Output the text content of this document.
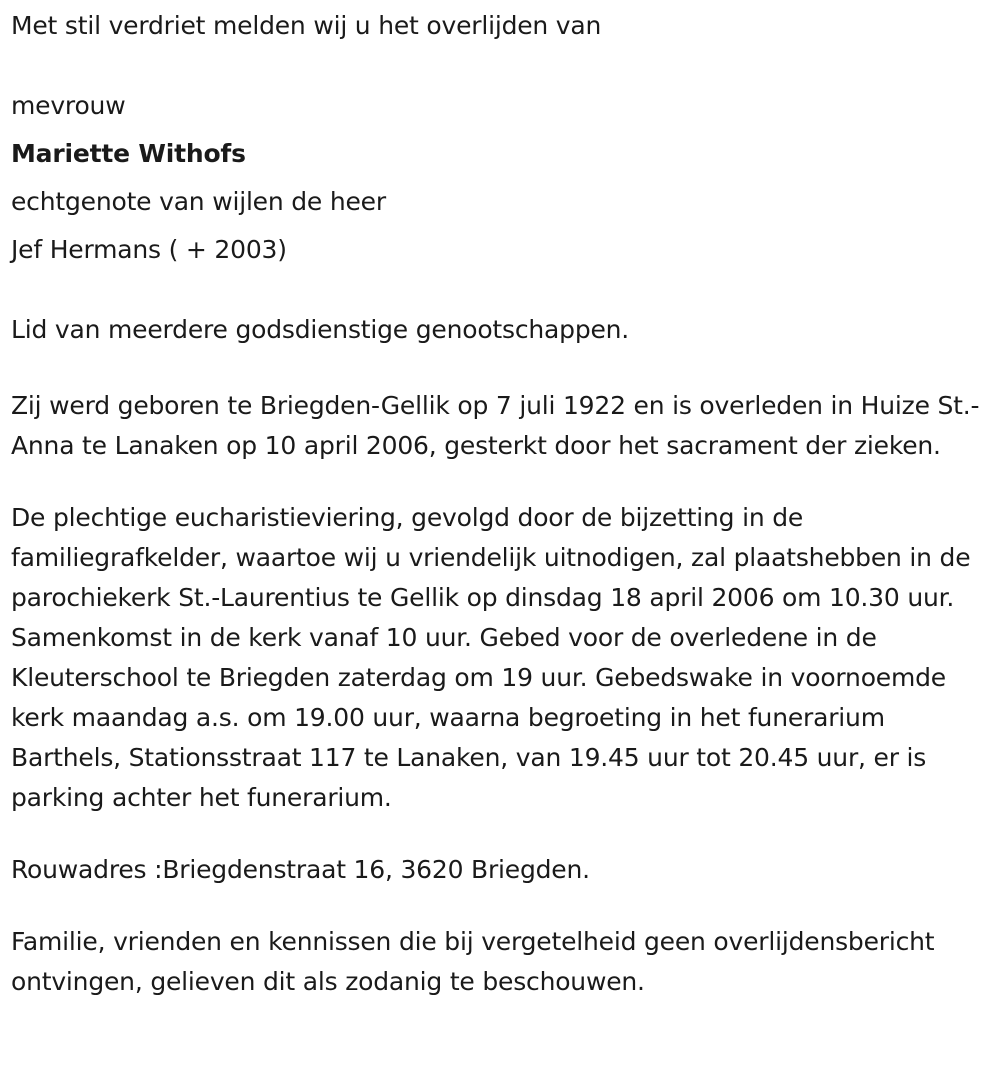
Met stil verdriet melden wij u het overlijden van

mevrouw

Mariette Withofs

echtgenote van wijlen de heer

Jef Hermans ( + 2003)

Lid van meerdere godsdienstige genootschappen.

Zij werd geboren te Briegden-Gellik op 7 juli 1922 en is overleden in Huize St.-Anna te Lanaken op 10 april 2006, gesterkt door het sacrament der zieken.

De plechtige eucharistieviering, gevolgd door de bijzetting in de familiegrafkelder, waartoe wij u vriendelijk uitnodigen, zal plaatshebben in de parochiekerk St.-Laurentius te Gellik op dinsdag 18 april 2006 om 10.30 uur. Samenkomst in de kerk vanaf 10 uur. Gebed voor de overledene in de Kleuterschool te Briegden zaterdag om 19 uur. Gebedswake in voornoemde kerk maandag a.s. om 19.00 uur, waarna begroeting in het funerarium Barthels, Stationsstraat 117 te Lanaken, van 19.45 uur tot 20.45 uur, er is parking achter het funerarium.

Rouwadres :Briegdenstraat 16, 3620 Briegden.

Familie, vrienden en kennissen die bij vergetelheid geen overlijdensbericht ontvingen, gelieven dit als zodanig te beschouwen.
